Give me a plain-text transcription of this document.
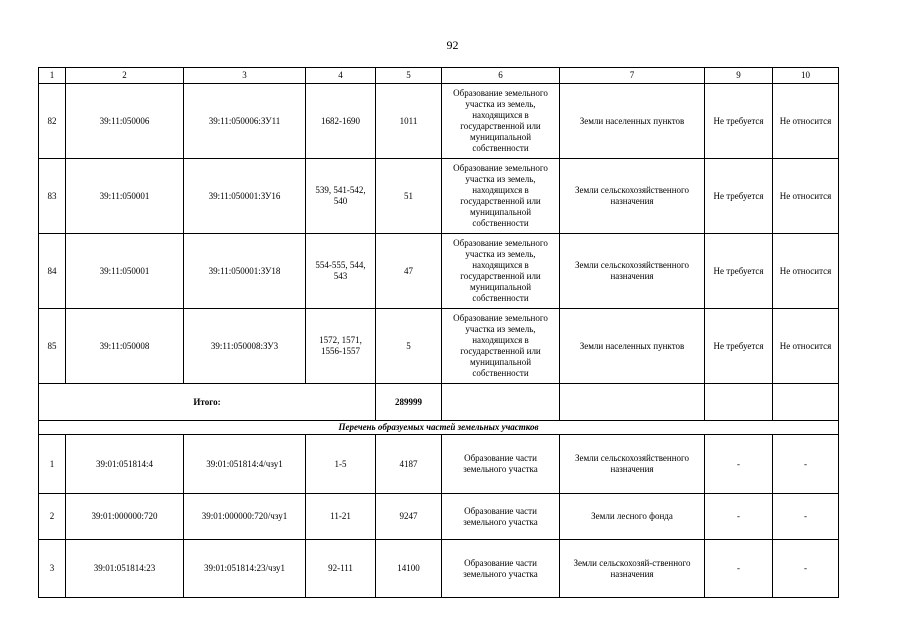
92
1	2	3	4	5	6	7	9	10
82	39:11:050006	39:11:050006:ЗУ11	1682-1690	1011	Образование земельного участка из земель, находящихся в государственной или муниципальной собственности	Земли населенных пунктов	Не требуется	Не относится
83	39:11:050001	39:11:050001:ЗУ16	539, 541-542, 540	51	Образование земельного участка из земель, находящихся в государственной или муниципальной собственности	Земли сельскохозяйственного назначения	Не требуется	Не относится
84	39:11:050001	39:11:050001:ЗУ18	554-555, 544, 543	47	Образование земельного участка из земель, находящихся в государственной или муниципальной собственности	Земли сельскохозяйственного назначения	Не требуется	Не относится
85	39:11:050008	39:11:050008:ЗУ3	1572, 1571, 1556-1557	5	Образование земельного участка из земель, находящихся в государственной или муниципальной собственности	Земли населенных пунктов	Не требуется	Не относится
Итого:				289999				
Перечень образуемых частей земельных участков								
1	39:01:051814:4	39:01:051814:4/чзу1	1-5	4187	Образование части земельного участка	Земли сельскохозяйственного назначения	-	-
2	39:01:000000:720	39:01:000000:720/чзу1	11-21	9247	Образование части земельного участка	Земли лесного фонда	-	-
3	39:01:051814:23	39:01:051814:23/чзу1	92-111	14100	Образование части земельного участка	Земли сельскохозяй-ственного назначения	-	-
